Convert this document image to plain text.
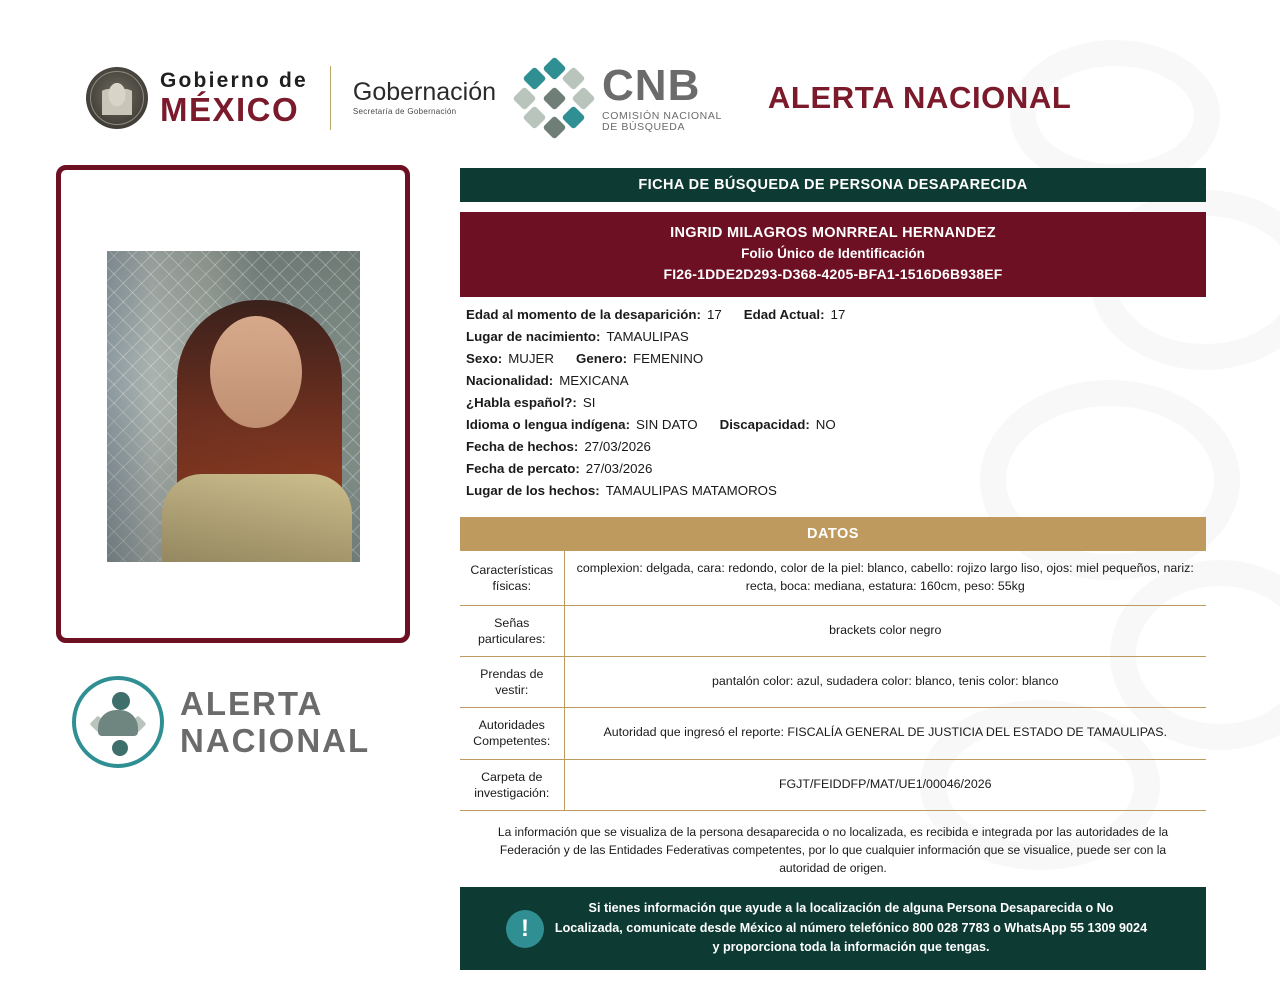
Gobierno de
MÉXICO	Gobernación
Secretaría de Gobernación
CNB
COMISIÓN NACIONAL
DE BÚSQUEDA
ALERTA NACIONAL
ALERTA
NACIONAL
FICHA DE BÚSQUEDA DE PERSONA DESAPARECIDA
INGRID MILAGROS MONRREAL HERNANDEZ
Folio Único de Identificación
FI26-1DDE2D293-D368-4205-BFA1-1516D6B938EF
Edad al momento de la desaparición: 17 Edad Actual: 17
Lugar de nacimiento: TAMAULIPAS
Sexo: MUJER Genero: FEMENINO
Nacionalidad: MEXICANA
¿Habla español?: SI
Idioma o lengua indígena: SIN DATO Discapacidad: NO
Fecha de hechos: 27/03/2026
Fecha de percato: 27/03/2026
Lugar de los hechos: TAMAULIPAS MATAMOROS
DATOS
Características físicas:	complexion: delgada, cara: redondo, color de la piel: blanco, cabello: rojizo largo liso, ojos: miel pequeños, nariz: recta, boca: mediana, estatura: 160cm, peso: 55kg
Señas particulares:	brackets color negro
Prendas de vestir:	pantalón color: azul, sudadera color: blanco, tenis color: blanco
Autoridades Competentes:	Autoridad que ingresó el reporte: FISCALÍA GENERAL DE JUSTICIA DEL ESTADO DE TAMAULIPAS.
Carpeta de investigación:	FGJT/FEIDDFP/MAT/UE1/00046/2026
La información que se visualiza de la persona desaparecida o no localizada, es recibida e integrada por las autoridades de la Federación y de las Entidades Federativas competentes, por lo que cualquier información que se visualice, puede ser con la autoridad de origen.
!
Si tienes información que ayude a la localización de alguna Persona Desaparecida o No Localizada, comunicate desde México al número telefónico 800 028 7783 o WhatsApp 55 1309 9024 y proporciona toda la información que tengas.
